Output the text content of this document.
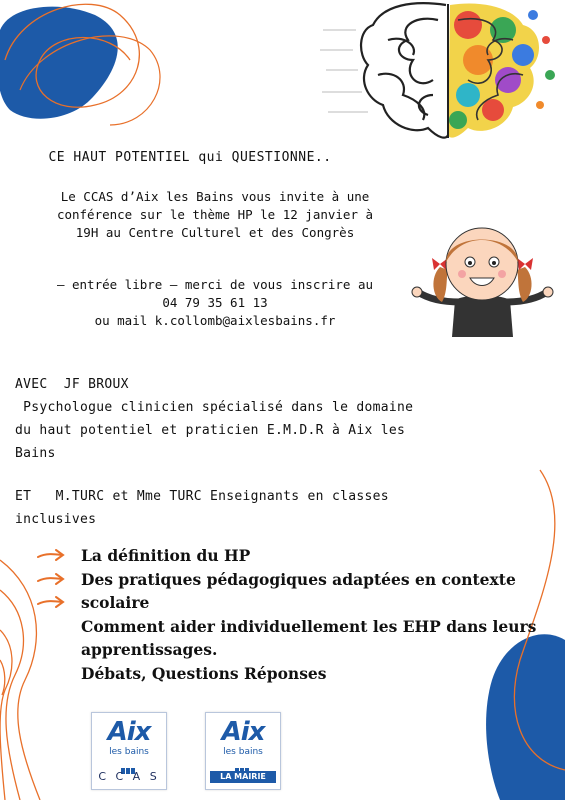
CE HAUT POTENTIEL qui QUESTIONNE..
Le CCAS d’Aix les Bains vous invite à une
conférence sur le thème HP le 12 janvier à
19H au Centre Culturel et des Congrès
– entrée libre – merci de vous inscrire au
04 79 35 61 13
ou mail k.collomb@aixlesbains.fr
AVEC  JF BROUX
Psychologue clinicien spécialisé dans le domaine
du haut potentiel et praticien E.M.D.R à Aix les
Bains
ET   M.TURC et Mme TURC Enseignants en classes
inclusives
La définition du HP
Des pratiques pédagogiques adaptées en contexte scolaire
Comment aider individuellement les EHP dans leurs
apprentissages.
Débats, Questions Réponses
Aix
les bains
C C A S
Aix
les bains
LA MAIRIE
